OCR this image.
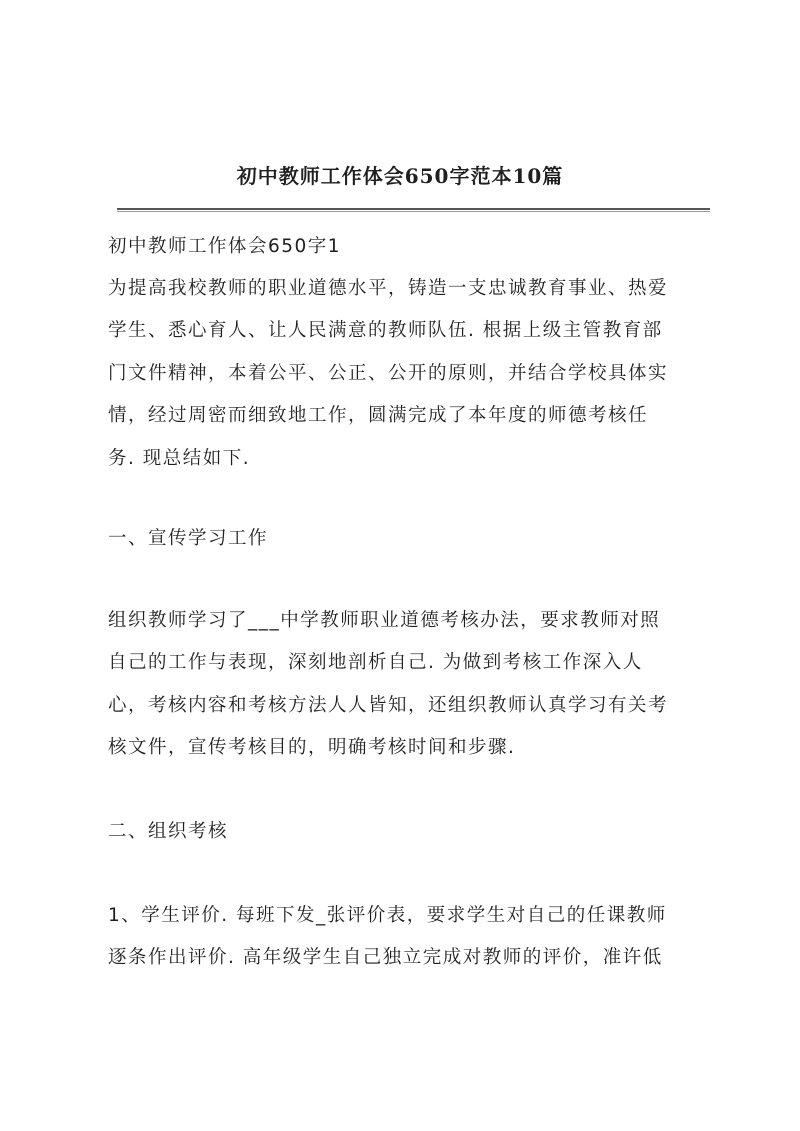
初中教师工作体会650字范本10篇
初中教师工作体会650字1
为提高我校教师的职业道德水平，铸造一支忠诚教育事业、热爱
学生、悉心育人、让人民满意的教师队伍. 根据上级主管教育部
门文件精神，本着公平、公正、公开的原则，并结合学校具体实
情，经过周密而细致地工作，圆满完成了本年度的师德考核任
务. 现总结如下.
一、宣传学习工作
组织教师学习了___中学教师职业道德考核办法，要求教师对照
自己的工作与表现，深刻地剖析自己. 为做到考核工作深入人
心，考核内容和考核方法人人皆知，还组织教师认真学习有关考
核文件，宣传考核目的，明确考核时间和步骤.
二、组织考核
1、学生评价. 每班下发_张评价表，要求学生对自己的任课教师
逐条作出评价. 高年级学生自己独立完成对教师的评价，准许低
